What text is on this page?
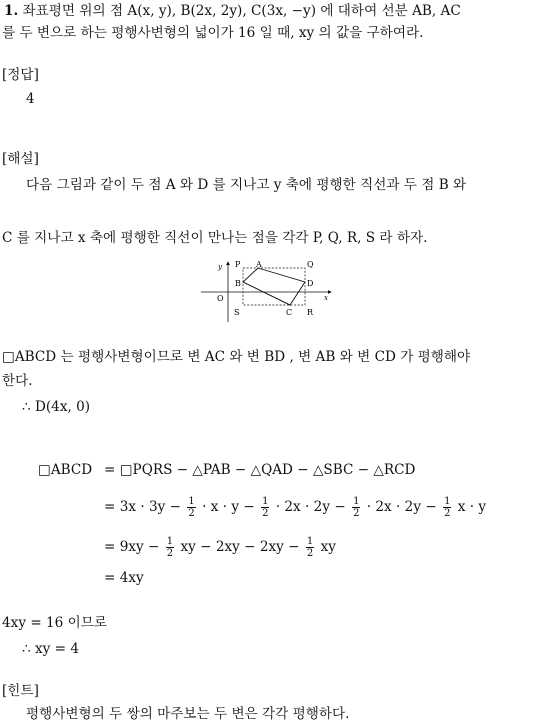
1. 좌표평면 위의 점 A(x, y), B(2x, 2y), C(3x, −y) 에 대하여 선분 AB, AC
를 두 변으로 하는 평행사변형의 넓이가 16 일 때, xy 의 값을 구하여라.
[정답]
4
[해설]
다음 그림과 같이 두 점 A 와 D 를 지나고 y 축에 평행한 직선과 두 점 B 와
C 를 지나고 x 축에 평행한 직선이 만나는 점을 각각 P, Q, R, S 라 하자.
y
x
O
P A	Q
B	D
S	C R
□ABCD 는 평행사변형이므로 변 AC 와 변 BD , 변 AB 와 변 CD 가 평행해야
한다.
∴ D(4x, 0)
□ABCD = □PQRS − △PAB − △QAD − △SBC − △RCD
= $3x \cdot 3y - \frac{1}{2} \cdot x \cdot y - \frac{1}{2} \cdot 2x \cdot 2y - \frac{1}{2} \cdot 2x \cdot 2y - \frac{1}{2}$ x · y
= $9xy - \frac{1}{2}$ xy − $2xy - 2xy - \frac{1}{2}$ xy
= 4xy
4xy = 16 이므로
∴ xy = 4
[힌트]
평행사변형의 두 쌍의 마주보는 두 변은 각각 평행하다.
